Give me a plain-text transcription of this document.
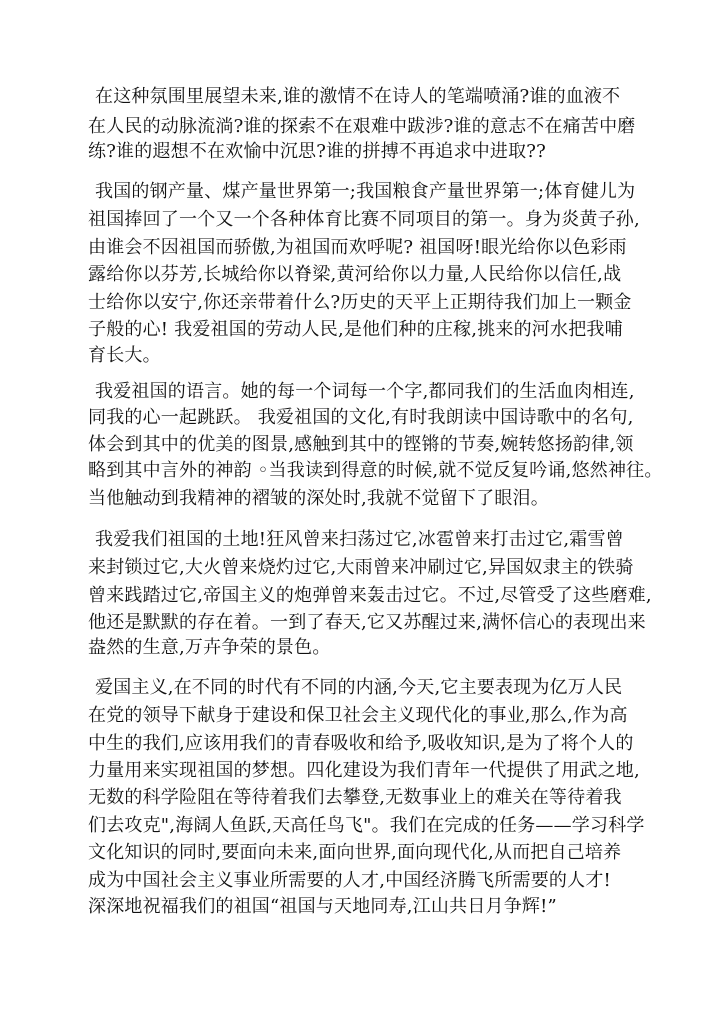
在这种氛围里展望未来,谁的激情不在诗人的笔端喷涌?谁的血液不
在人民的动脉流淌?谁的探索不在艰难中跋涉?谁的意志不在痛苦中磨
练?谁的遐想不在欢愉中沉思?谁的拼搏不再追求中进取??
我国的钢产量、煤产量世界第一;我国粮食产量世界第一;体育健儿为
祖国捧回了一个又一个各种体育比赛不同项目的第一。身为炎黄子孙,
由谁会不因祖国而骄傲,为祖国而欢呼呢? 祖国呀!眼光给你以色彩雨
露给你以芬芳,长城给你以脊梁,黄河给你以力量,人民给你以信任,战
士给你以安宁,你还亲带着什么?历史的天平上正期待我们加上一颗金
子般的心! 我爱祖国的劳动人民,是他们种的庄稼,挑来的河水把我哺
育长大。
我爱祖国的语言。她的每一个词每一个字,都同我们的生活血肉相连,
同我的心一起跳跃。 我爱祖国的文化,有时我朗读中国诗歌中的名句,
体会到其中的优美的图景,感触到其中的铿锵的节奏,婉转悠扬韵律,领
略到其中言外的神韵 ◦当我读到得意的时候,就不觉反复吟诵,悠然神往。
当他触动到我精神的褶皱的深处时,我就不觉留下了眼泪。
我爱我们祖国的土地!狂风曾来扫荡过它,冰雹曾来打击过它,霜雪曾
来封锁过它,大火曾来烧灼过它,大雨曾来冲刷过它,异国奴隶主的铁骑
曾来践踏过它,帝国主义的炮弹曾来轰击过它。不过,尽管受了这些磨难,
他还是默默的存在着。一到了春天,它又苏醒过来,满怀信心的表现出来
盎然的生意,万卉争荣的景色。
爱国主义,在不同的时代有不同的内涵,今天,它主要表现为亿万人民
在党的领导下献身于建设和保卫社会主义现代化的事业,那么,作为高
中生的我们,应该用我们的青春吸收和给予,吸收知识,是为了将个人的
力量用来实现祖国的梦想。四化建设为我们青年一代提供了用武之地,
无数的科学险阻在等待着我们去攀登,无数事业上的难关在等待着我
们去攻克",海阔人鱼跃,天高任鸟飞"。我们在完成的任务——学习科学
文化知识的同时,要面向未来,面向世界,面向现代化,从而把自己培养
成为中国社会主义事业所需要的人才,中国经济腾飞所需要的人才!
深深地祝福我们的祖国“祖国与天地同寿,江山共日月争辉!”
